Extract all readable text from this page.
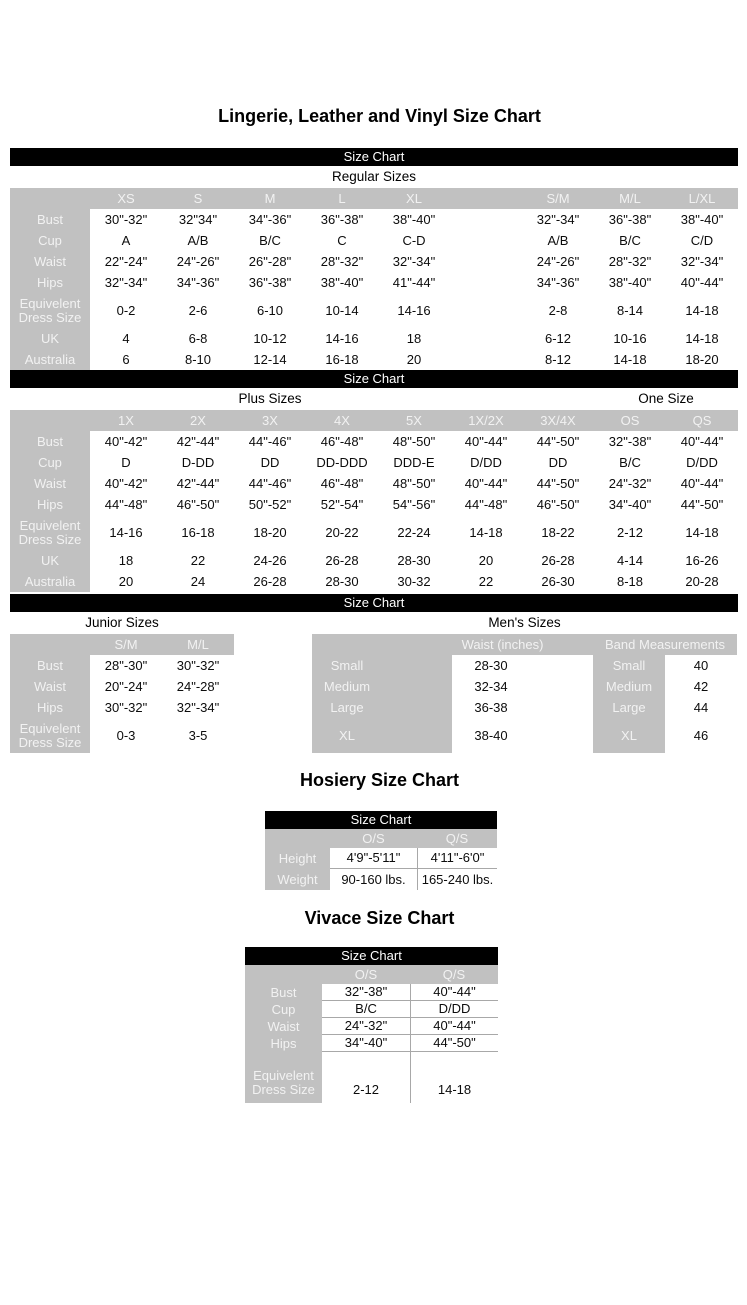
Lingerie, Leather and Vinyl Size Chart
Size Chart
Regular Sizes
XS	S	M	L	XL	S/M	M/L	L/XL
Bust	30"-32"	32"34"	34"-36"	36"-38"	38"-40"	32"-34"	36"-38"	38"-40"
Cup	A	A/B	B/C	C	C-D	A/B	B/C	C/D
Waist	22"-24"	24"-26"	26"-28"	28"-32"	32"-34"	24"-26"	28"-32"	32"-34"
Hips	32"-34"	34"-36"	36"-38"	38"-40"	41"-44"	34"-36"	38"-40"	40"-44"
Equivelent Dress Size	0-2	2-6	6-10	10-14	14-16	2-8	8-14	14-18
UK	4	6-8	10-12	14-16	18	6-12	10-16	14-18
Australia	6	8-10	12-14	16-18	20	8-12	14-18	18-20
Size Chart
Plus Sizes	One Size
1X	2X	3X	4X	5X	1X/2X	3X/4X	OS	QS
Bust	40"-42"	42"-44"	44"-46"	46"-48"	48"-50"	40"-44"	44"-50"	32"-38"	40"-44"
Cup	D	D-DD	DD	DD-DDD	DDD-E	D/DD	DD	B/C	D/DD
Waist	40"-42"	42"-44"	44"-46"	46"-48"	48"-50"	40"-44"	44"-50"	24"-32"	40"-44"
Hips	44"-48"	46"-50"	50"-52"	52"-54"	54"-56"	44"-48"	46"-50"	34"-40"	44"-50"
Equivelent Dress Size	14-16	16-18	18-20	20-22	22-24	14-18	18-22	2-12	14-18
UK	18	22	24-26	26-28	28-30	20	26-28	4-14	16-26
Australia	20	24	26-28	28-30	30-32	22	26-30	8-18	20-28
Size Chart
Junior Sizes	Men's Sizes
S/M	M/L
Bust	28"-30"	30"-32"
Waist	20"-24"	24"-28"
Hips	30"-32"	32"-34"
Equivelent Dress Size	0-3	3-5
Waist (inches)	Band Measurements
Small	28-30	Small	40
Medium	32-34	Medium	42
Large	36-38	Large	44
XL	38-40	XL	46
Hosiery Size Chart
Size Chart
O/S	Q/S
Height	4'9"-5'11"	4'11"-6'0"
Weight	90-160 lbs.	165-240 lbs.
Vivace Size Chart
Size Chart
O/S	Q/S
Bust	32"-38"	40"-44"
Cup	B/C	D/DD
Waist	24"-32"	40"-44"
Hips	34"-40"	44"-50"
Equivelent Dress Size	2-12	14-18
